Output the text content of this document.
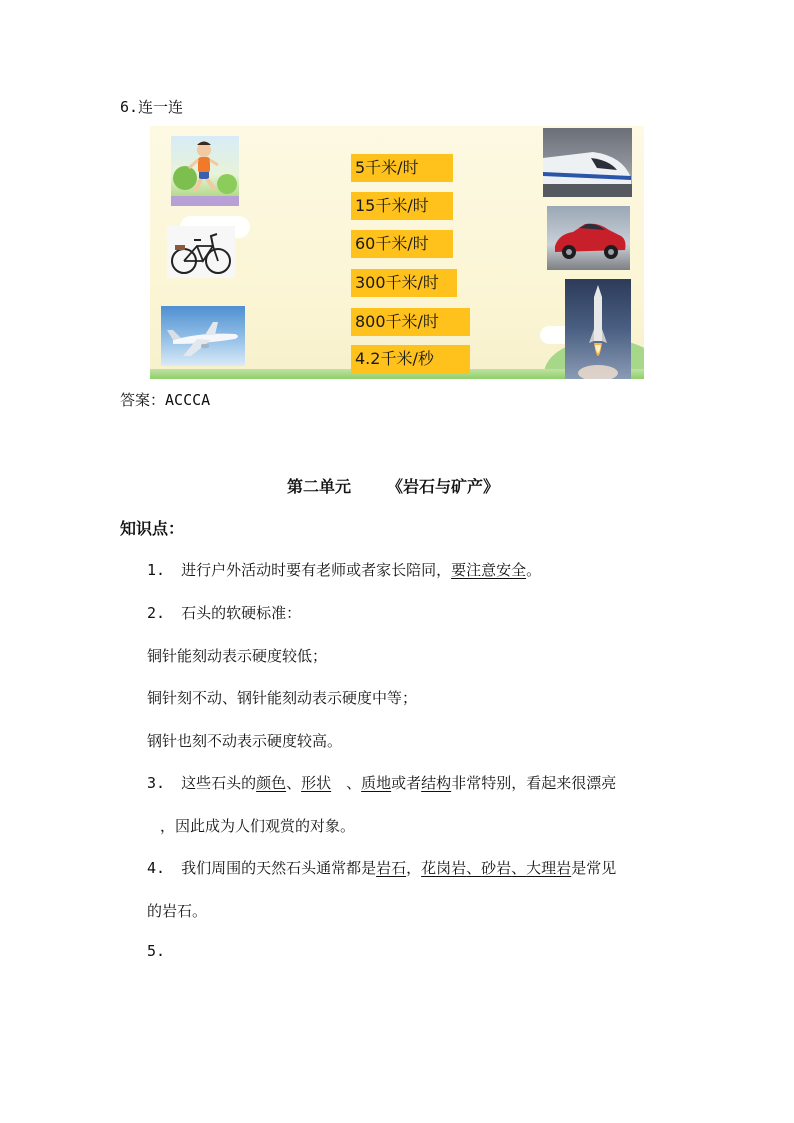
6.连一连
5千米/时
15千米/时
60千米/时
300千米/时
800千米/时
4.2千米/秒
答案：ACCCA
第二单元 《岩石与矿产》
知识点：
1. 进行户外活动时要有老师或者家长陪同，要注意安全。
2. 石头的软硬标准：
铜针能刻动表示硬度较低；
铜针刻不动、钢针能刻动表示硬度中等；
钢针也刻不动表示硬度较高。
3. 这些石头的颜色、形状　、质地或者结构非常特别，看起来很漂亮
，因此成为人们观赏的对象。
4. 我们周围的天然石头通常都是岩石，花岗岩、砂岩、大理岩是常见
的岩石。
5.
